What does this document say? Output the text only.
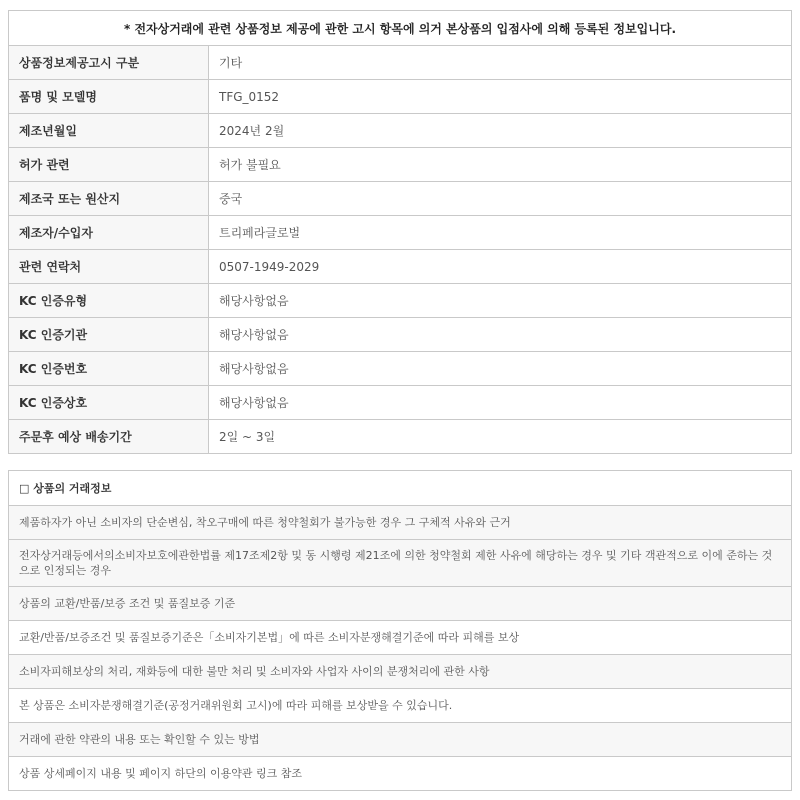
* 전자상거래에 관련 상품정보 제공에 관한 고시 항목에 의거 본상품의 입점사에 의해 등록된 정보입니다.
상품정보제공고시 구분	기타
품명 및 모델명	TFG_0152
제조년월일	2024년 2월
허가 관련	허가 불필요
제조국 또는 원산지	중국
제조자/수입자	트리페라글로벌
관련 연락처	0507-1949-2029
KC 인증유형	해당사항없음
KC 인증기관	해당사항없음
KC 인증번호	해당사항없음
KC 인증상호	해당사항없음
주문후 예상 배송기간	2일 ~ 3일
□ 상품의 거래정보
제품하자가 아닌 소비자의 단순변심, 착오구매에 따른 청약철회가 불가능한 경우 그 구체적 사유와 근거
전자상거래등에서의소비자보호에관한법률 제17조제2항 및 동 시행령 제21조에 의한 청약철회 제한 사유에 해당하는 경우 및 기타 객관적으로 이에 준하는 것으로 인정되는 경우
상품의 교환/반품/보증 조건 및 품질보증 기준
교환/반품/보증조건 및 품질보증기준은「소비자기본법」에 따른 소비자분쟁해결기준에 따라 피해를 보상
소비자피해보상의 처리, 재화등에 대한 불만 처리 및 소비자와 사업자 사이의 분쟁처리에 관한 사항
본 상품은 소비자분쟁해결기준(공정거래위원회 고시)에 따라 피해를 보상받을 수 있습니다.
거래에 관한 약관의 내용 또는 확인할 수 있는 방법
상품 상세페이지 내용 및 페이지 하단의 이용약관 링크 참조
